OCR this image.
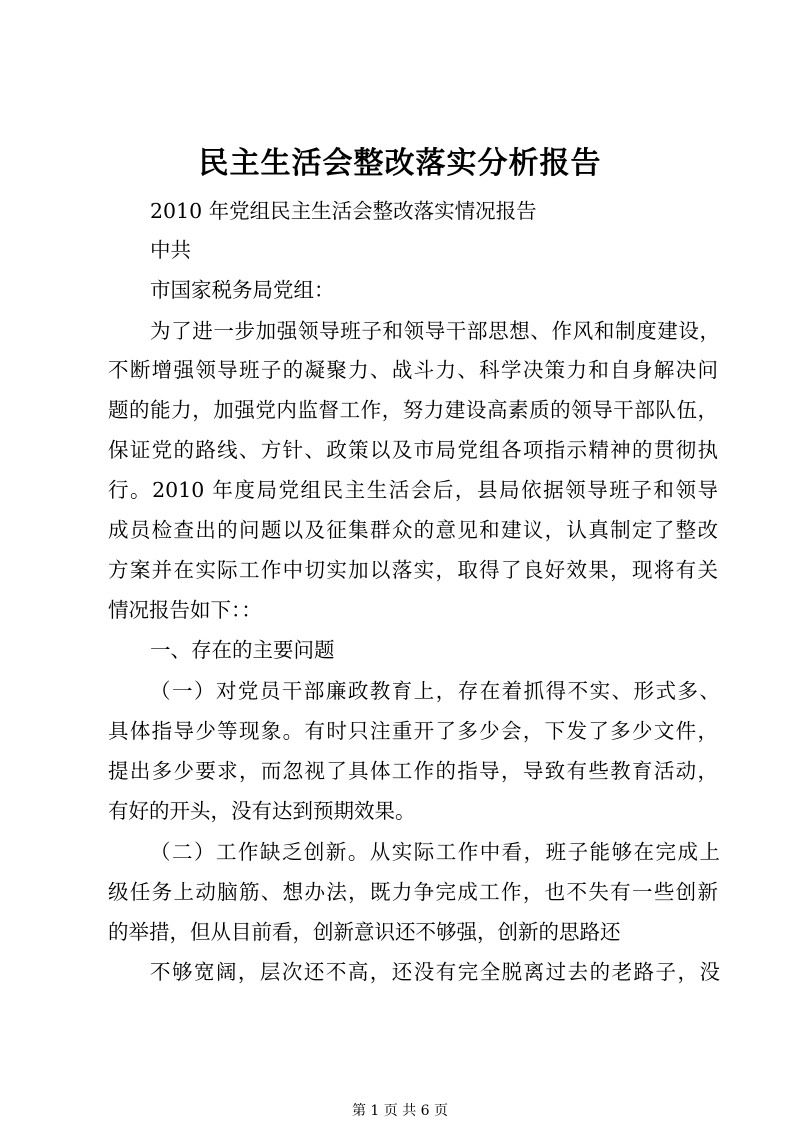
民主生活会整改落实分析报告
2010 年党组民主生活会整改落实情况报告
中共
市国家税务局党组：
为了进一步加强领导班子和领导干部思想、作风和制度建设，
不断增强领导班子的凝聚力、战斗力、科学决策力和自身解决问
题的能力，加强党内监督工作，努力建设高素质的领导干部队伍，
保证党的路线、方针、政策以及市局党组各项指示精神的贯彻执
行。2010 年度局党组民主生活会后，县局依据领导班子和领导
成员检查出的问题以及征集群众的意见和建议，认真制定了整改
方案并在实际工作中切实加以落实，取得了良好效果，现将有关
情况报告如下：：
一、存在的主要问题
（一）对党员干部廉政教育上，存在着抓得不实、形式多、
具体指导少等现象。有时只注重开了多少会，下发了多少文件，
提出多少要求，而忽视了具体工作的指导，导致有些教育活动，
有好的开头，没有达到预期效果。
（二）工作缺乏创新。从实际工作中看，班子能够在完成上
级任务上动脑筋、想办法，既力争完成工作，也不失有一些创新
的举措，但从目前看，创新意识还不够强，创新的思路还
不够宽阔，层次还不高，还没有完全脱离过去的老路子，没
第 1 页 共 6 页
